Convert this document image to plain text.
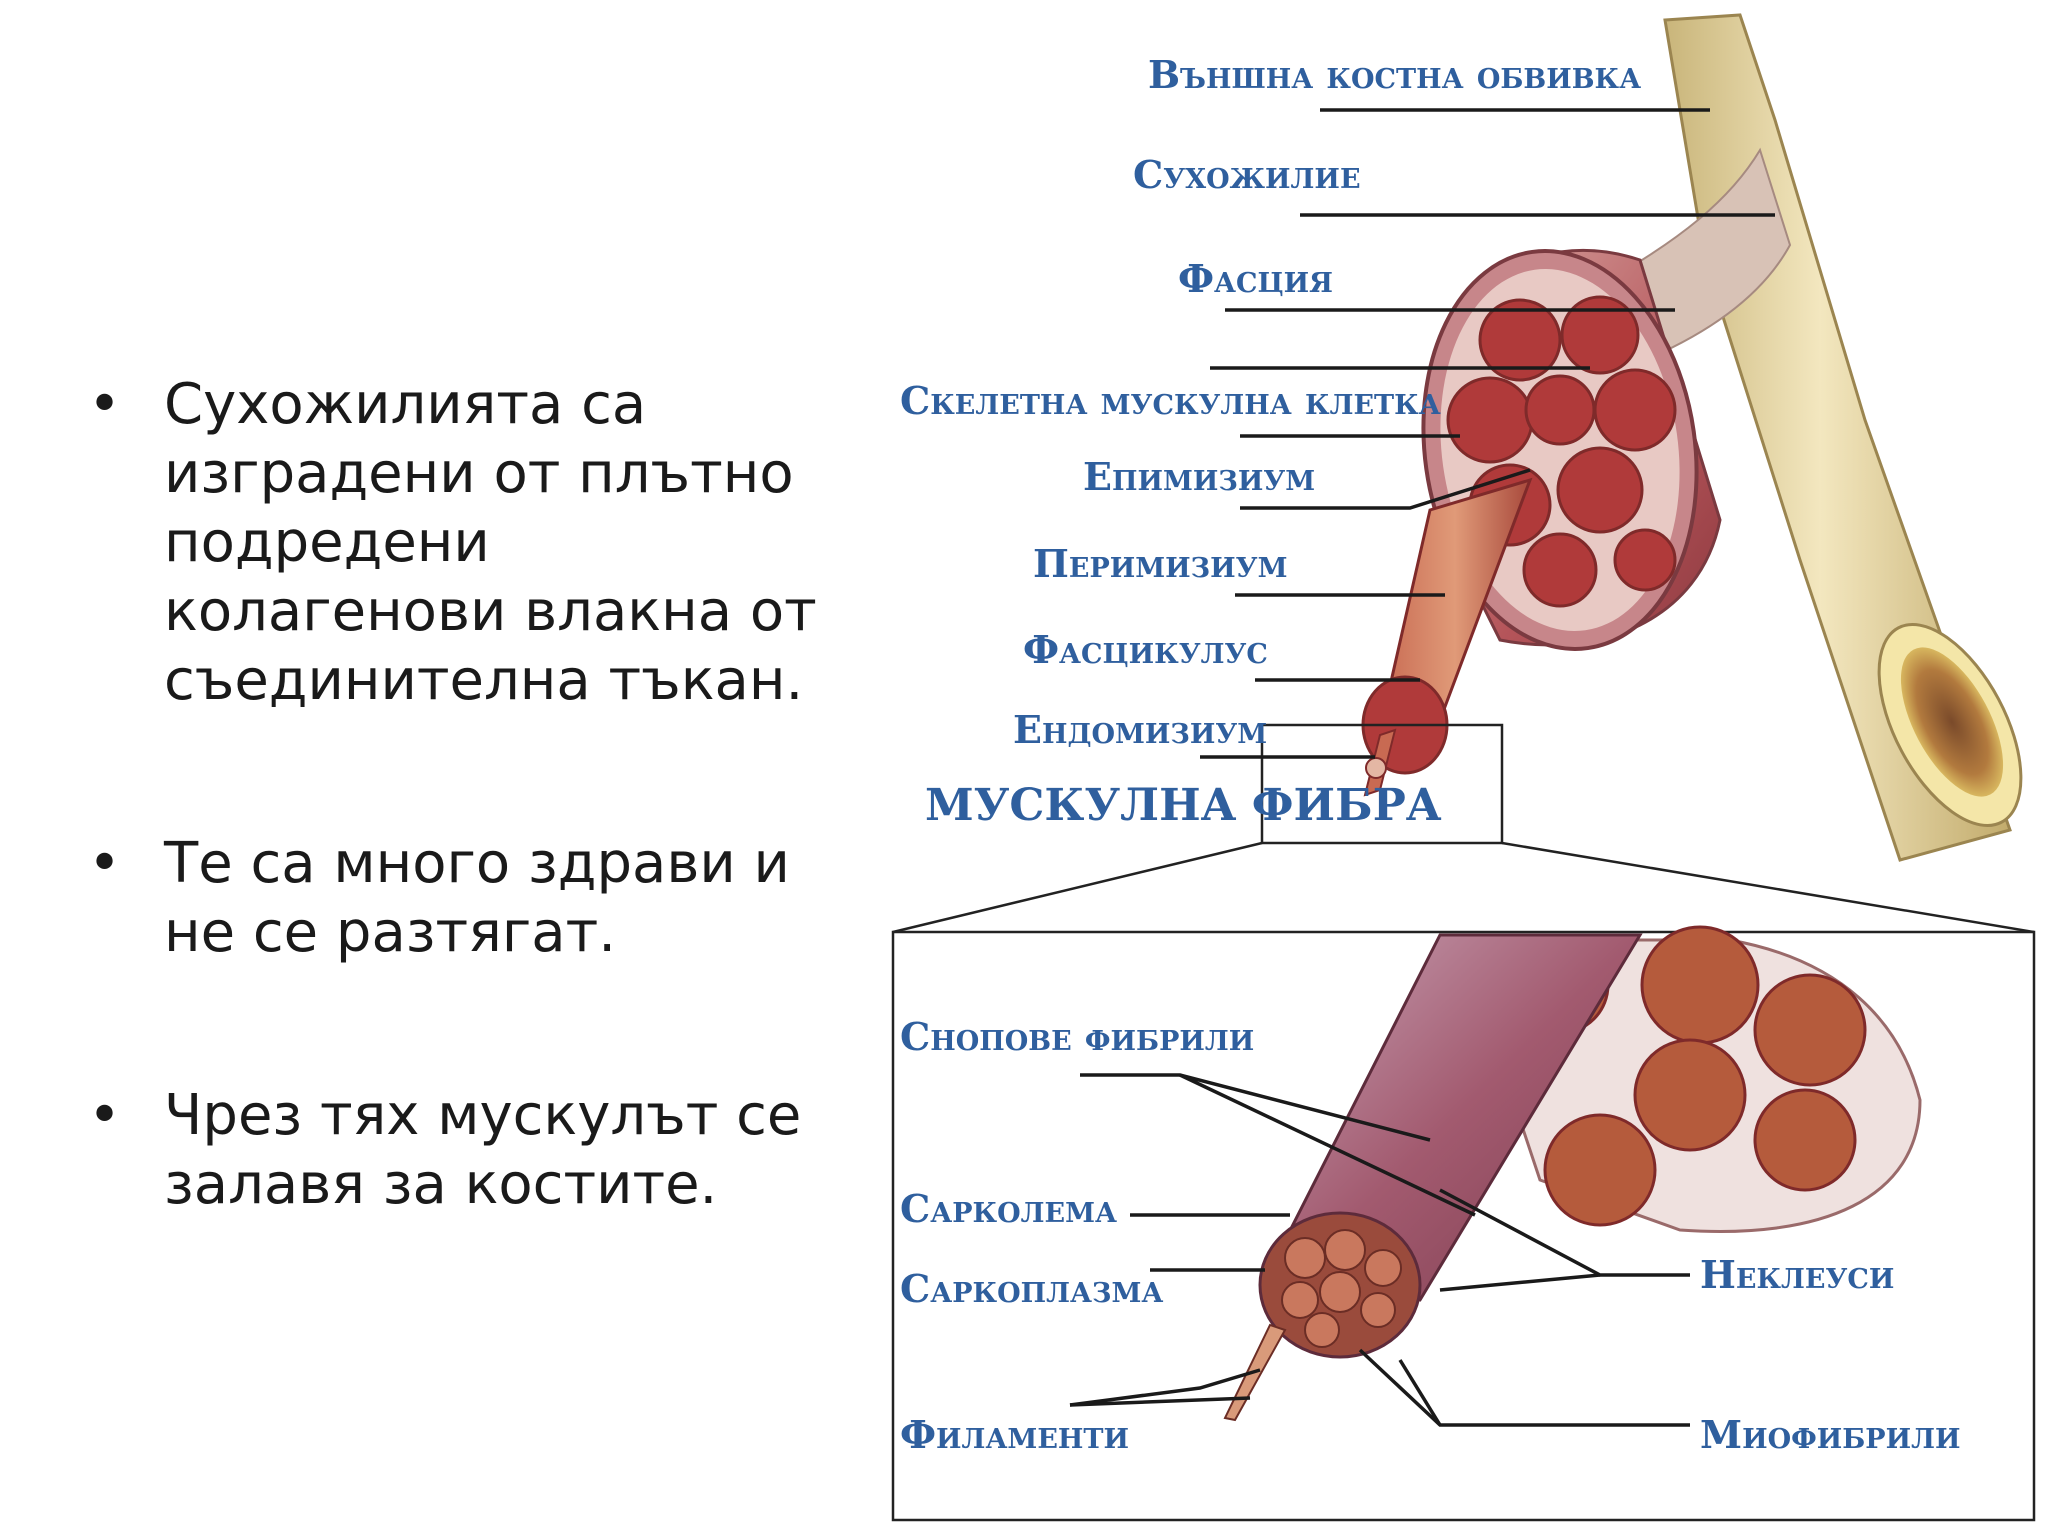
• Сухожилията са изградени от плътно подредени колагенови влакна от съединителна тъкан.
• Те са много здрави и не се разтягат.
• Чрез тях мускулът се залавя за костите.
Външна костна обвивка
Сухожилие
Фасция
Скелетна мускулна клетка
Епимизиум
Перимизиум
Фасцикулус
Ендомизиум
МУСКУЛНА ФИБРА
Снопове фибрили
Сарколема
Саркоплазма
Филаменти
Неклеуси
Миофибрили
